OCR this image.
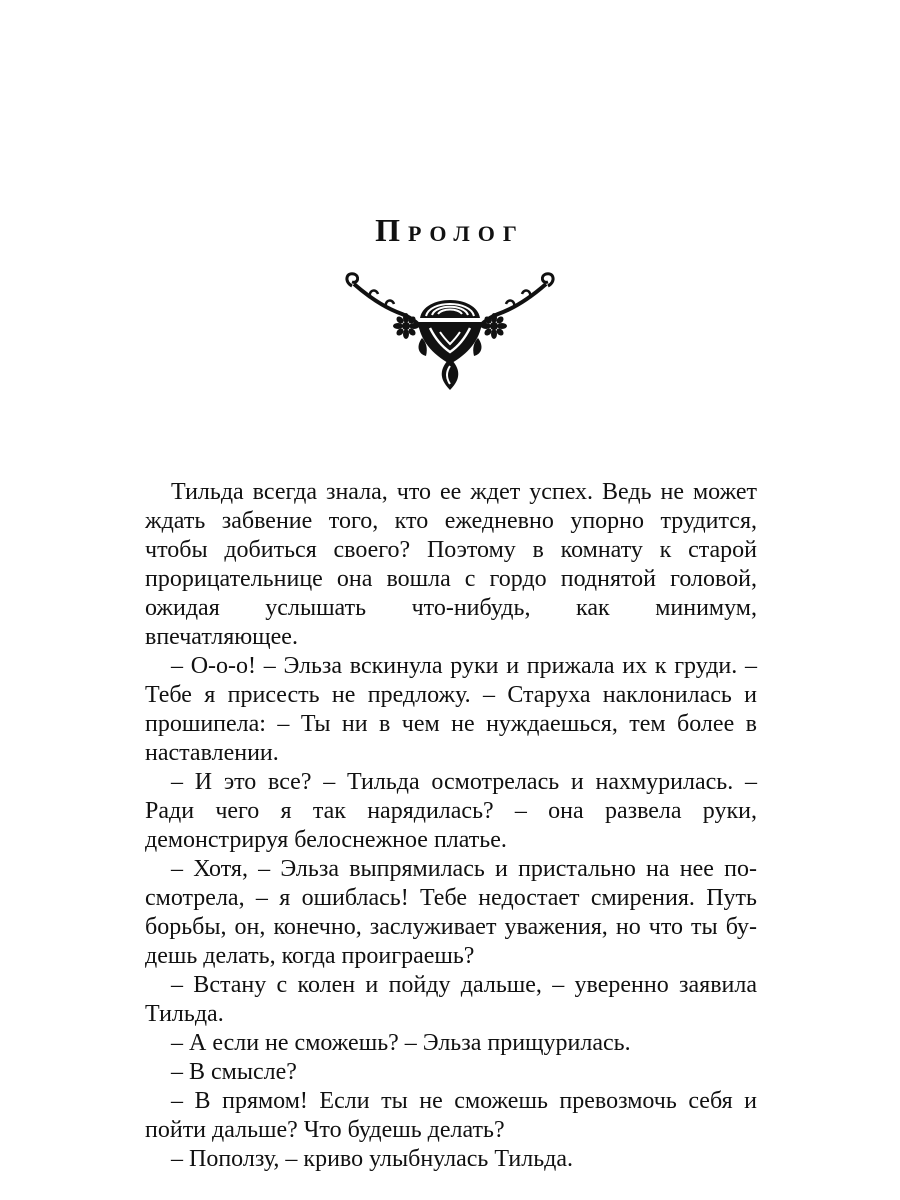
Пролог

Тильда всегда знала, что ее ждет успех. Ведь не может ждать забвение того, кто ежедневно упорно трудится, чтобы добиться своего? Поэтому в комнату к старой прорицательнице она вошла с гордо поднятой головой, ожидая услышать что-нибудь, как минимум, впечатляющее.

– О-о-о! – Эльза вскинула руки и прижала их к груди. – Тебе я присесть не предложу. – Старуха наклонилась и прошипела: – Ты ни в чем не нуждаешься, тем более в наставлении.

– И это все? – Тильда осмотрелась и нахмурилась. – Ради чего я так нарядилась? – она развела руки, демонстрируя белоснежное платье.

– Хотя, – Эльза выпрямилась и пристально на нее посмотрела, – я ошиблась! Тебе недостает смирения. Путь борьбы, он, конечно, заслуживает уважения, но что ты будешь делать, когда проиграешь?

– Встану с колен и пойду дальше, – уверенно заявила Тильда.

– А если не сможешь? – Эльза прищурилась.

– В смысле?

– В прямом! Если ты не сможешь превозмочь себя и пойти дальше? Что будешь делать?

– Поползу, – криво улыбнулась Тильда.
